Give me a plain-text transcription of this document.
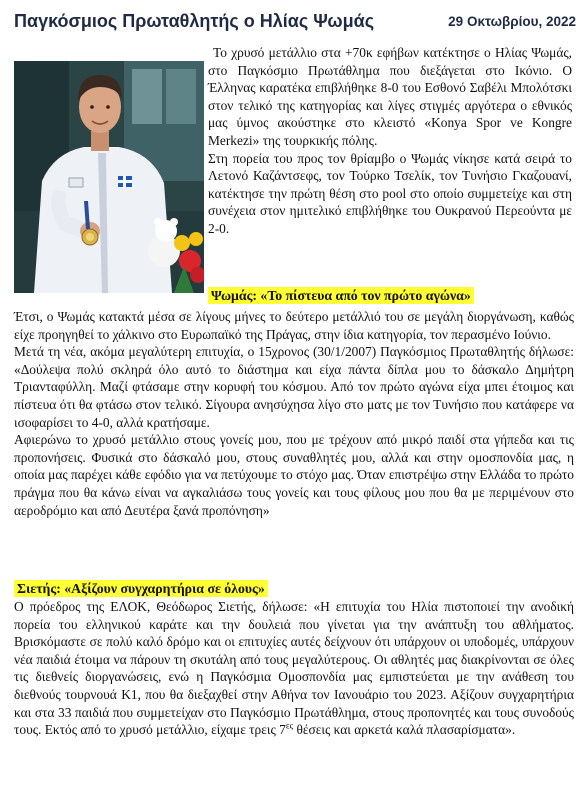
Παγκόσμιος Πρωταθλητής ο Ηλίας Ψωμάς	29 Οκτωβρίου, 2022

Το χρυσό μετάλλιο στα +70κ εφήβων κατέκτησε ο Ηλίας Ψωμάς, στο Παγκόσμιο Πρωτάθλημα που διεξάγεται στο Ικόνιο. Ο Έλληνας καρατέκα επιβλήθηκε 8-0 του Εσθονό Σαβέλι Μπολότσκι στον τελικό της κατηγορίας και λίγες στιγμές αργότερα ο εθνικός μας ύμνος ακούστηκε στο κλειστό «Konya Spor ve Kongre Merkezi» της τουρκικής πόλης.

Στη πορεία του προς τον θρίαμβο ο Ψωμάς νίκησε κατά σειρά το Λετονό Καζάντσεφς, τον Τούρκο Τσελίκ, τον Τυνήσιο Γκαζουανί, κατέκτησε την πρώτη θέση στο pool στο οποίο συμμετείχε και στη συνέχεια στον ημιτελικό επιβλήθηκε του Ουκρανού Περεούντα με 2-0.

Ψωμάς: «Το πίστευα από τον πρώτο αγώνα»

Έτσι, ο Ψωμάς κατακτά μέσα σε λίγους μήνες το δεύτερο μετάλλιό του σε μεγάλη διοργάνωση, καθώς είχε προηγηθεί το χάλκινο στο Ευρωπαϊκό της Πράγας, στην ίδια κατηγορία, τον περασμένο Ιούνιο.

Μετά τη νέα, ακόμα μεγαλύτερη επιτυχία, ο 15χρονος (30/1/2007) Παγκόσμιος Πρωταθλητής δήλωσε: «Δούλεψα πολύ σκληρά όλο αυτό το διάστημα και είχα πάντα δίπλα μου το δάσκαλο Δημήτρη Τριανταφύλλη. Μαζί φτάσαμε στην κορυφή του κόσμου. Από τον πρώτο αγώνα είχα μπει έτοιμος και πίστευα ότι θα φτάσω στον τελικό. Σίγουρα ανησύχησα λίγο στο ματς με τον Τυνήσιο που κατάφερε να ισοφαρίσει το 4-0, αλλά κρατήσαμε.

Αφιερώνω το χρυσό μετάλλιο στους γονείς μου, που με τρέχουν από μικρό παιδί στα γήπεδα και τις προπονήσεις. Φυσικά στο δάσκαλό μου, στους συναθλητές μου, αλλά και στην ομοσπονδία μας, η οποία μας παρέχει κάθε εφόδιο για να πετύχουμε το στόχο μας. Όταν επιστρέψω στην Ελλάδα το πρώτο πράγμα που θα κάνω είναι να αγκαλιάσω τους γονείς και τους φίλους μου που θα με περιμένουν στο αεροδρόμιο και από Δευτέρα ξανά προπόνηση»

Σιετής: «Αξίζουν συγχαρητήρια σε όλους»

Ο πρόεδρος της ΕΛΟΚ, Θεόδωρος Σιετής, δήλωσε: «Η επιτυχία του Ηλία πιστοποιεί την ανοδική πορεία του ελληνικού καράτε και την δουλειά που γίνεται για την ανάπτυξη του αθλήματος. Βρισκόμαστε σε πολύ καλό δρόμο και οι επιτυχίες αυτές δείχνουν ότι υπάρχουν οι υποδομές, υπάρχουν νέα παιδιά έτοιμα να πάρουν τη σκυτάλη από τους μεγαλύτερους. Οι αθλητές μας διακρίνονται σε όλες τις διεθνείς διοργανώσεις, ενώ η Παγκόσμια Ομοσπονδία μας εμπιστεύεται με την ανάθεση του διεθνούς τουρνουά Κ1, που θα διεξαχθεί στην Αθήνα τον Ιανουάριο του 2023. Αξίζουν συγχαρητήρια και στα 33 παιδιά που συμμετείχαν στο Παγκόσμιο Πρωτάθλημα, στους προπονητές και τους συνοδούς τους. Εκτός από το χρυσό μετάλλιο, είχαμε τρεις $7^{\varepsilon\varsigma}$ θέσεις και αρκετά καλά πλασαρίσματα».
